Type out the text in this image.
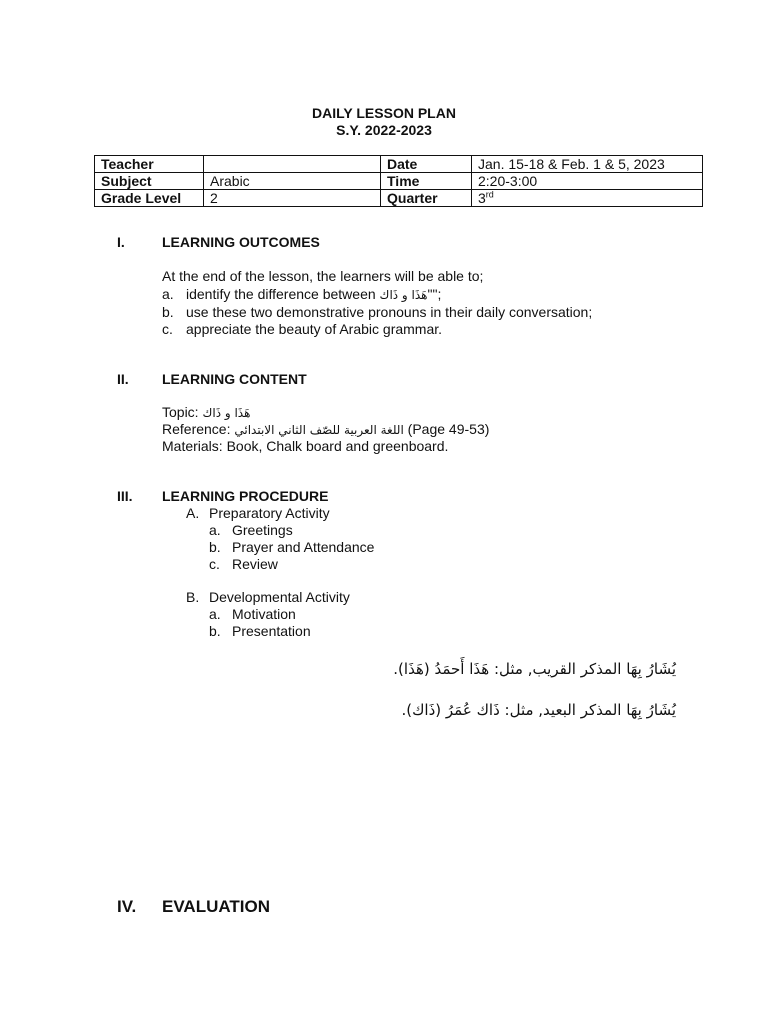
DAILY LESSON PLAN
S.Y. 2022-2023
Teacher		Date	Jan. 15-18 & Feb. 1 & 5, 2023
Subject	Arabic	Time	2:20-3:00
Grade Level	2	Quarter	3rd
I.	LEARNING OUTCOMES
At the end of the lesson, the learners will be able to;
a. identify the difference between هَذَا و ذَاك"";
b. use these two demonstrative pronouns in their daily conversation;
c. appreciate the beauty of Arabic grammar.
II. LEARNING CONTENT
Topic: هَذَا و ذَاك
Reference: اللغة العربية للصّف الثاني الابتدائي (Page 49-53)
Materials: Book, Chalk board and greenboard.
III. LEARNING PROCEDURE
A. Preparatory Activity
a. Greetings
b. Prayer and Attendance
c. Review
B. Developmental Activity
a. Motivation
b. Presentation
يُشَارُ بِهَا المذكر القريب, مثل: هَذَا أَحمَدُ (هَذَا).
يُشَارُ بِهَا المذكر البعيد, مثل: ذَاك عُمَرُ (ذَاك).
IV. EVALUATION
